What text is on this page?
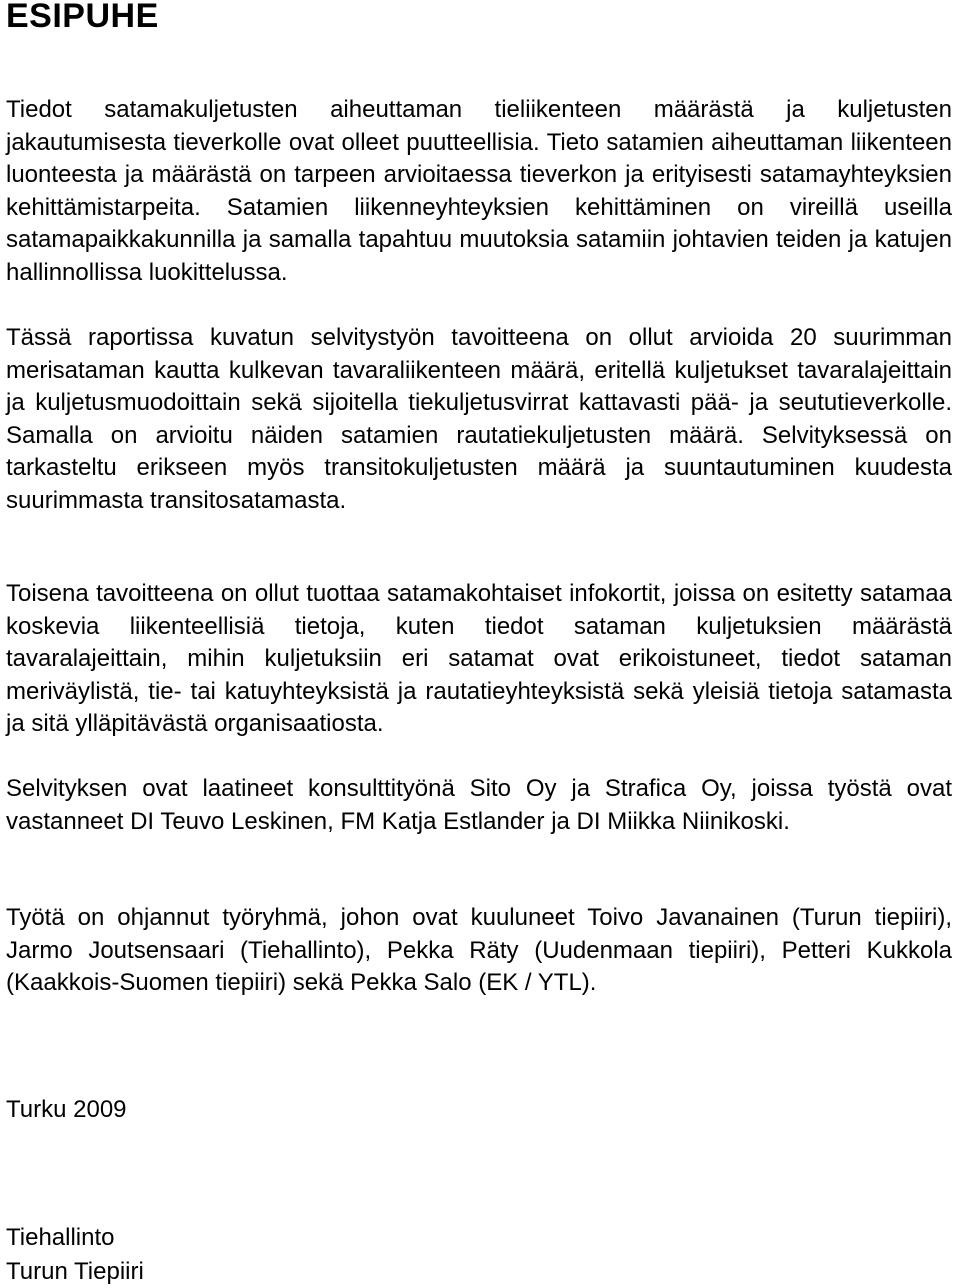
ESIPUHE

Tiedot satamakuljetusten aiheuttaman tieliikenteen määrästä ja kuljetusten jakautumisesta tieverkolle ovat olleet puutteellisia. Tieto satamien aiheuttaman liikenteen luonteesta ja määrästä on tarpeen arvioitaessa tieverkon ja erityisesti satamayhteyksien kehittämistarpeita. Satamien liikenneyhteyksien kehittäminen on vireillä useilla satamapaikkakunnilla ja samalla tapahtuu muutoksia satamiin johtavien teiden ja katujen hallinnollissa luokittelussa.

Tässä raportissa kuvatun selvitystyön tavoitteena on ollut arvioida 20 suurimman merisataman kautta kulkevan tavaraliikenteen määrä, eritellä kuljetukset tavaralajeittain ja kuljetusmuodoittain sekä sijoitella tiekuljetusvirrat kattavasti pää- ja seututieverkolle. Samalla on arvioitu näiden satamien rautatiekuljetusten määrä. Selvityksessä on tarkasteltu erikseen myös transitokuljetusten määrä ja suuntautuminen kuudesta suurimmasta transitosatamasta.

Toisena tavoitteena on ollut tuottaa satamakohtaiset infokortit, joissa on esitetty satamaa koskevia liikenteellisiä tietoja, kuten tiedot sataman kuljetuksien määrästä tavaralajeittain, mihin kuljetuksiin eri satamat ovat erikoistuneet, tiedot sataman meriväylistä, tie- tai katuyhteyksistä ja rautatieyhteyksistä sekä yleisiä tietoja satamasta ja sitä ylläpitävästä organisaatiosta.

Selvityksen ovat laatineet konsulttityönä Sito Oy ja Strafica Oy, joissa työstä ovat vastanneet DI Teuvo Leskinen, FM Katja Estlander ja DI Miikka Niinikoski.

Työtä on ohjannut työryhmä, johon ovat kuuluneet Toivo Javanainen (Turun tiepiiri), Jarmo Joutsensaari (Tiehallinto), Pekka Räty (Uudenmaan tiepiiri), Petteri Kukkola (Kaakkois-Suomen tiepiiri) sekä Pekka Salo (EK / YTL).

Turku 2009

Tiehallinto

Turun Tiepiiri
